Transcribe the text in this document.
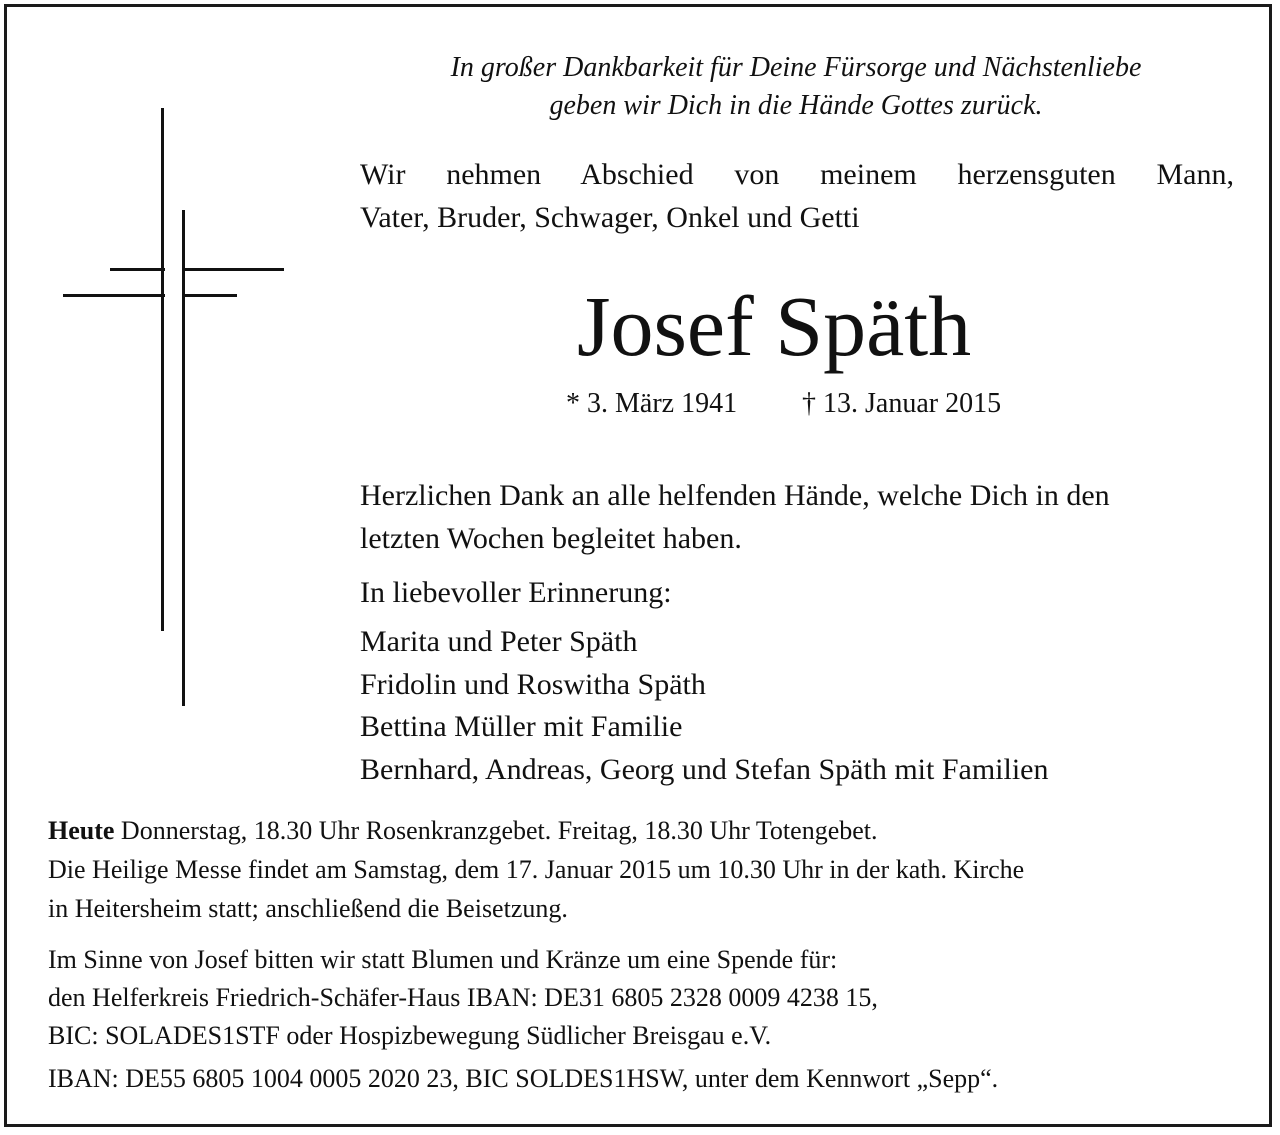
In großer Dankbarkeit für Deine Fürsorge und Nächstenliebe

geben wir Dich in die Hände Gottes zurück.

Wir nehmen Abschied von meinem herzensguten Mann,

Vater, Bruder, Schwager, Onkel und Getti

Josef Späth

* 3. März 1941 † 13. Januar 2015

Herzlichen Dank an alle helfenden Hände, welche Dich in den

letzten Wochen begleitet haben.

In liebevoller Erinnerung:

Marita und Peter Späth

Fridolin und Roswitha Späth

Bettina Müller mit Familie

Bernhard, Andreas, Georg und Stefan Späth mit Familien

Heute Donnerstag, 18.30 Uhr Rosenkranzgebet. Freitag, 18.30 Uhr Totengebet.

Die Heilige Messe findet am Samstag, dem 17. Januar 2015 um 10.30 Uhr in der kath. Kirche

in Heitersheim statt; anschließend die Beisetzung.

Im Sinne von Josef bitten wir statt Blumen und Kränze um eine Spende für:

den Helferkreis Friedrich-Schäfer-Haus IBAN: DE31 6805 2328 0009 4238 15,

BIC: SOLADES1STF oder Hospizbewegung Südlicher Breisgau e.V.

IBAN: DE55 6805 1004 0005 2020 23, BIC SOLDES1HSW, unter dem Kennwort „Sepp“.
